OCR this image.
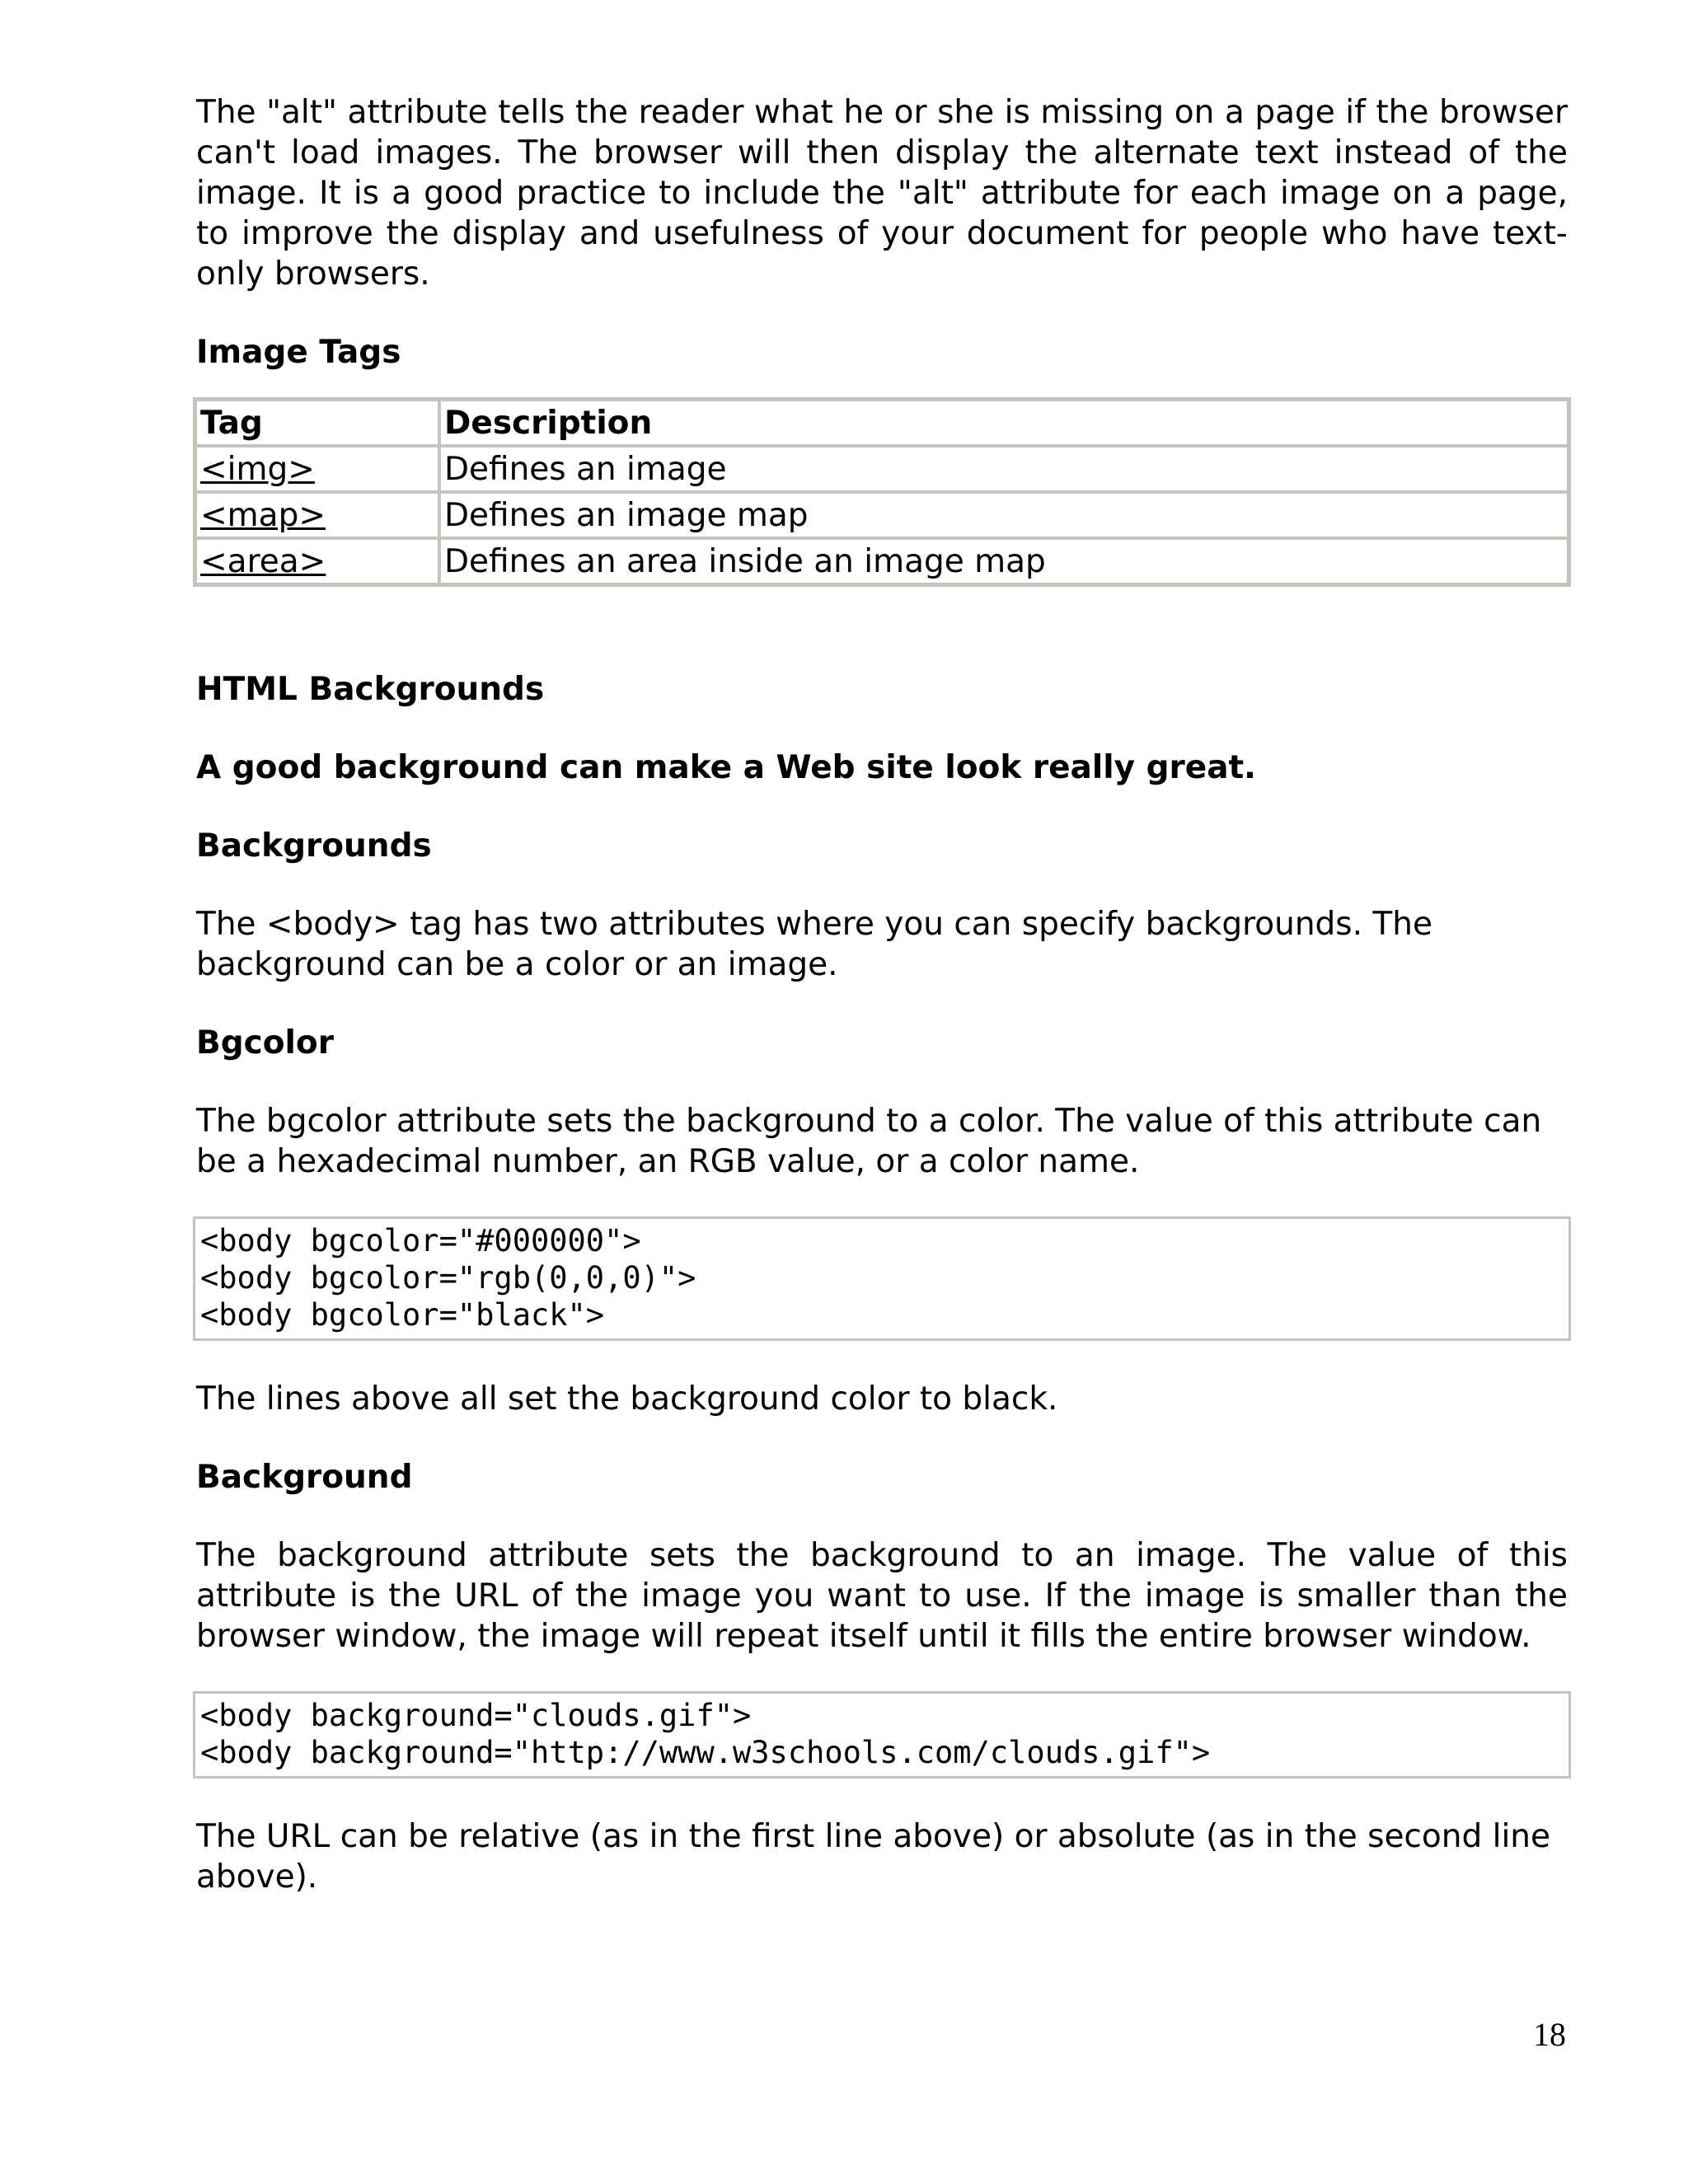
The "alt" attribute tells the reader what he or she is missing on a page if the browser can't load images. The browser will then display the alternate text instead of the image. It is a good practice to include the "alt" attribute for each image on a page, to improve the display and usefulness of your document for people who have text-only browsers.

Image Tags
Tag	Description
<img>	Defines an image
<map>	Defines an image map
<area>	Defines an area inside an image map
HTML Backgrounds
A good background can make a Web site look really great.
Backgrounds

The <body> tag has two attributes where you can specify backgrounds. The background can be a color or an image.

Bgcolor

The bgcolor attribute sets the background to a color. The value of this attribute can be a hexadecimal number, an RGB value, or a color name.

<body bgcolor="#000000">
<body bgcolor="rgb(0,0,0)">
<body bgcolor="black">

The lines above all set the background color to black.

Background

The background attribute sets the background to an image. The value of this attribute is the URL of the image you want to use. If the image is smaller than the browser window, the image will repeat itself until it fills the entire browser window.

<body background="clouds.gif">
<body background="http://www.w3schools.com/clouds.gif">

The URL can be relative (as in the first line above) or absolute (as in the second line above).

18
